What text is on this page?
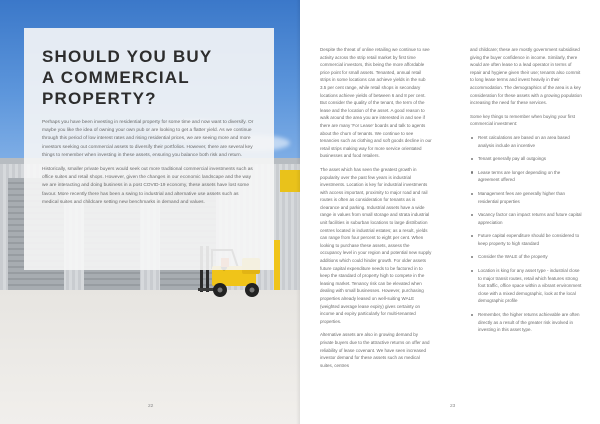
SHOULD YOU BUY
A COMMERCIAL
PROPERTY?

Perhaps you have been investing in residential property for some time and now want to diversify. Or maybe you like the idea of owning your own pub or are looking to get a flatter yield. As we continue through this period of low interest rates and rising residential prices, we are seeing more and more investors seeking out commercial assets to diversify their portfolios. However, there are several key things to remember when investing in these assets, ensuring you balance both risk and return.

Historically, smaller private buyers would seek out more traditional commercial investments such as office suites and retail shops. However, given the changes in our economic landscape and the way we are interacting and doing business in a post COVID-19 economy, these assets have lost some favour. More recently there has been a swing to industrial and alternative use assets such as medical suites and childcare setting new benchmarks in demand and values.

22

Despite the threat of online retailing we continue to see activity across the strip retail market by first time commercial investors, this being the more affordable price point for small assets. Tenanted, annual retail strips in some locations can achieve yields in the sub 3.5 per cent range, while retail shops in secondary locations achieve yields of between 6 and 8 per cent. But consider the quality of the tenant, the term of the lease and the location of the asset. A good reason to walk around the area you are interested in and see if there are many 'For Lease' boards and talk to agents about the churn of tenants. We continue to see tenancies such as clothing and soft goods decline in our retail strips making way for more service orientated businesses and food retailers.

The asset which has seen the greatest growth in popularity over the past few years is industrial investments. Location is key for industrial investments with access important, proximity to major road and rail routes is often as consideration for tenants as is clearance and parking. Industrial assets have a wide range in values from small storage and strata industrial unit facilities in suburban locations to large distribution centres located in industrial estates; as a result, yields can range from four percent to eight per cent. When looking to purchase these assets, assess the occupancy level in your region and potential new supply additions which could hinder growth. For older assets future capital expenditure needs to be factored in to keep the standard of property high to compete in the leasing market. Tenancy risk can be elevated when dealing with small businesses. However, purchasing properties already leased on well-suiting WALE (weighted average lease expiry) gives certainty on income and expiry particularly for multi-tenanted properties.

Alternative assets are also in growing demand by private buyers due to the attractive returns on offer and reliability of lease covenant. We have seen increased investor demand for these assets such as medical suites, centres

and childcare; these are mostly government subsidised giving the buyer confidence in income. Similarly, there would are often lease to a lead operator in terms of repair and hygiene given their use; tenants also commit to long lease terms and invest heavily in their accommodation. The demographics of the area is a key consideration for these assets with a growing population increasing the need for these services.

Some key things to remember when buying your first commercial investment:

Rent calculations are based on an area based analysis include an incentive
Tenant generally pay all outgoings
Lease terms are longer depending on the agreement offered
Management fees are generally higher than residential properties
Vacancy factor can impact returns and future capital appreciation
Future capital expenditure should be considered to keep property to high standard
Consider the WALE of the property
Location is king for any asset type - industrial close to major transit routes, retail which features strong foot traffic, office space within a vibrant environment close with a mixed demographic, look at the local demographic profile
Remember, the higher returns achievable are often directly as a result of the greater risk involved in investing in this asset type.
23
